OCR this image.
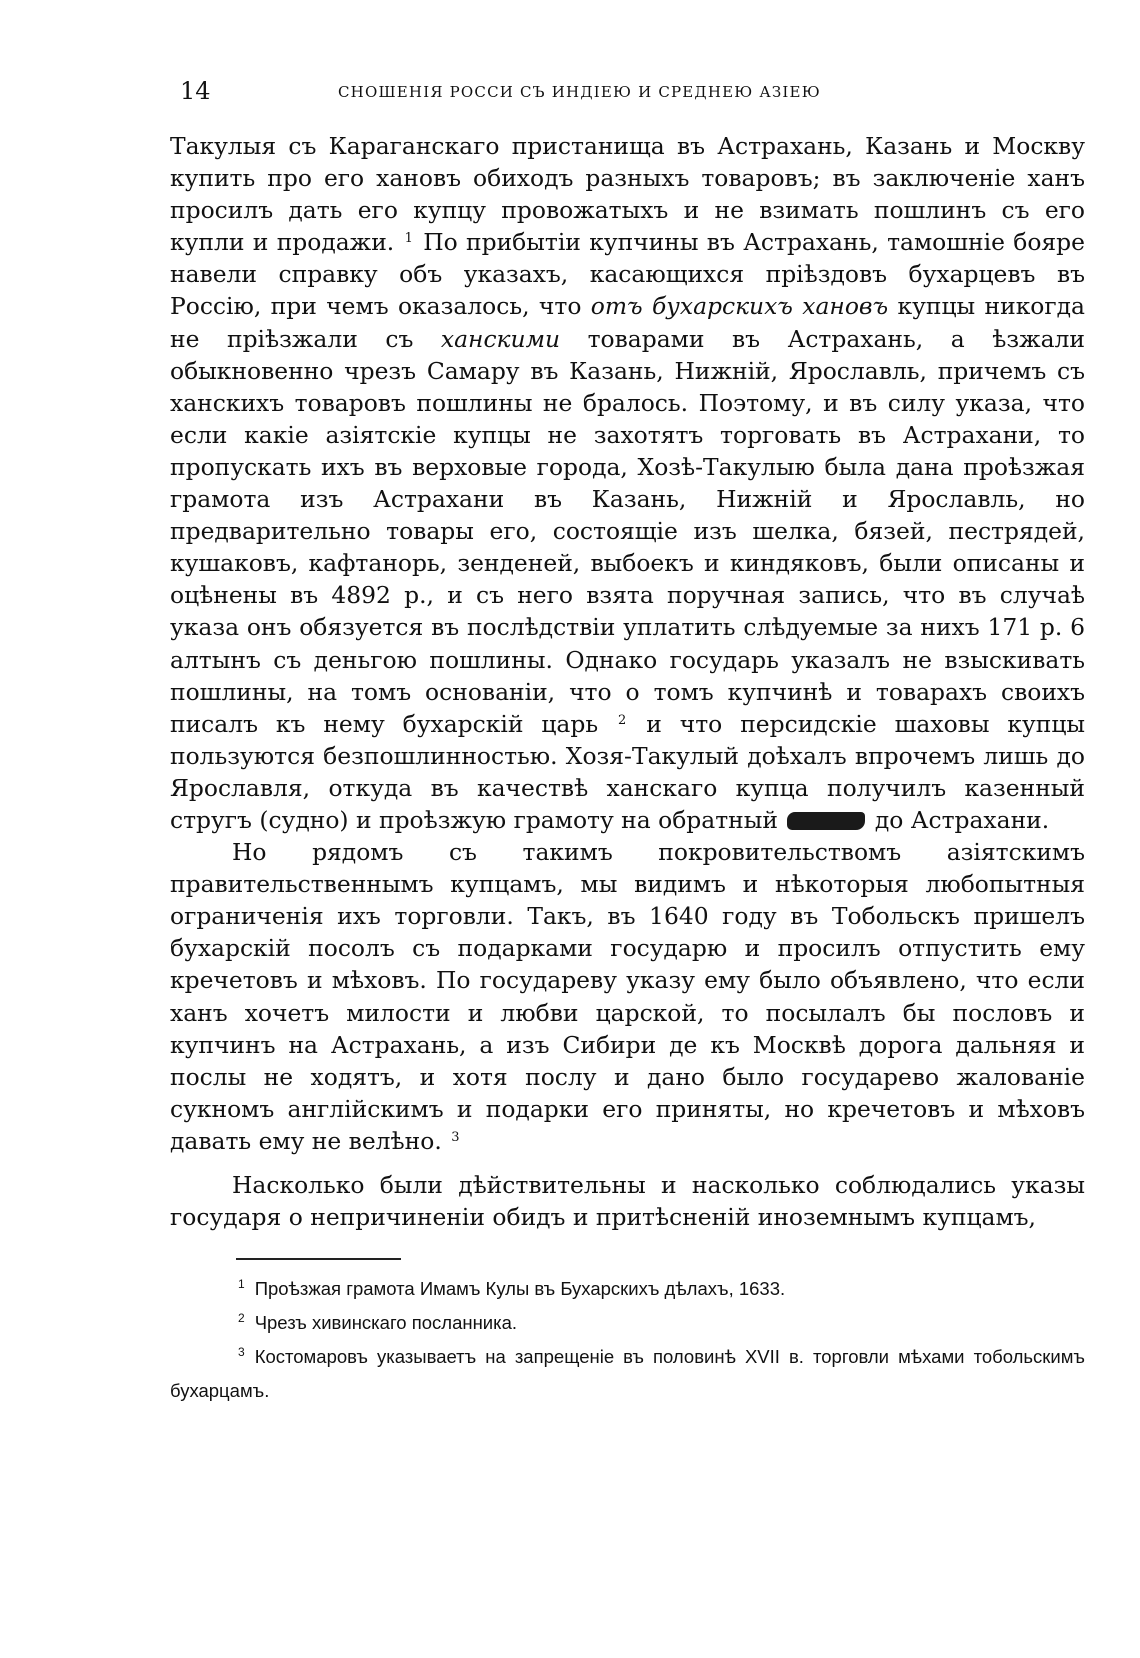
14	СНОШЕНІЯ РОССИ СЪ ИНДІЕЮ И СРЕДНЕЮ АЗІЕЮ

Такулыя съ Караганскаго пристанища въ Астрахань, Казань и Москву купить про его хановъ обиходъ разныхъ товаровъ; въ заключеніе ханъ просилъ дать его купцу провожатыхъ и не взимать пошлинъ съ его купли и продажи. $^1$ По прибытіи купчины въ Астрахань, тамошніе бояре навели справку объ указахъ, касающихся пріѣздовъ бухарцевъ въ Россію, при чемъ оказалось, что отъ бухарскихъ хановъ купцы никогда не пріѣзжали съ ханскими товарами въ Астрахань, а ѣзжали обыкновенно чрезъ Самару въ Казань, Нижній, Ярославль, причемъ съ ханскихъ товаровъ пошлины не бралось. Поэтому, и въ силу указа, что если какіе азіятскіе купцы не захотятъ торговать въ Астрахани, то пропускать ихъ въ верховые города, Хозѣ-Такулыю была дана проѣзжая грамота изъ Астрахани въ Казань, Нижній и Ярославль, но предварительно товары его, состоящіе изъ шелка, бязей, пестрядей, кушаковъ, кафтанорь, зенденей, выбоекъ и киндяковъ, были описаны и оцѣнены въ 4892 р., и съ него взята поручная запись, что въ случаѣ указа онъ обязуется въ послѣдствіи уплатить слѣдуемые за нихъ 171 р. 6 алтынъ съ деньгою пошлины. Однако государь указалъ не взыскивать пошлины, на томъ основаніи, что о томъ купчинѣ и товарахъ своихъ писалъ къ нему бухарскій царь $^2$ и что персидскіе шаховы купцы пользуются безпошлинностью. Хозя-Такулый доѣхалъ впрочемъ лишь до Ярославля, откуда въ качествѣ ханскаго купца получилъ казенный стругъ (судно) и проѣзжую грамоту на обратный	до Астрахани.

Но рядомъ съ такимъ покровительствомъ азіятскимъ правительственнымъ купцамъ, мы видимъ и нѣкоторыя любопытныя ограниченія ихъ торговли. Такъ, въ 1640 году въ Тобольскъ пришелъ бухарскій посолъ съ подарками государю и просилъ отпустить ему кречетовъ и мѣховъ. По государеву указу ему было объявлено, что если ханъ хочетъ милости и любви царской, то посылалъ бы пословъ и купчинъ на Астрахань, а изъ Сибири де къ Москвѣ дорога дальняя и послы не ходятъ, и хотя послу и дано было государево жалованіе сукномъ англійскимъ и подарки его приняты, но кречетовъ и мѣховъ давать ему не велѣно. $^3$

Насколько были дѣйствительны и насколько соблюдались указы государя о непричиненіи обидъ и притѣсненій иноземнымъ купцамъ,

$^1$ Проѣзжая грамота Имамъ Кулы въ Бухарскихъ дѣлахъ, 1633.

$^2$ Чрезъ хивинскаго посланника.

$^3$ Костомаровъ указываетъ на запрещеніе въ половинѣ XVII в. торговли мѣхами тобольскимъ бухарцамъ.
